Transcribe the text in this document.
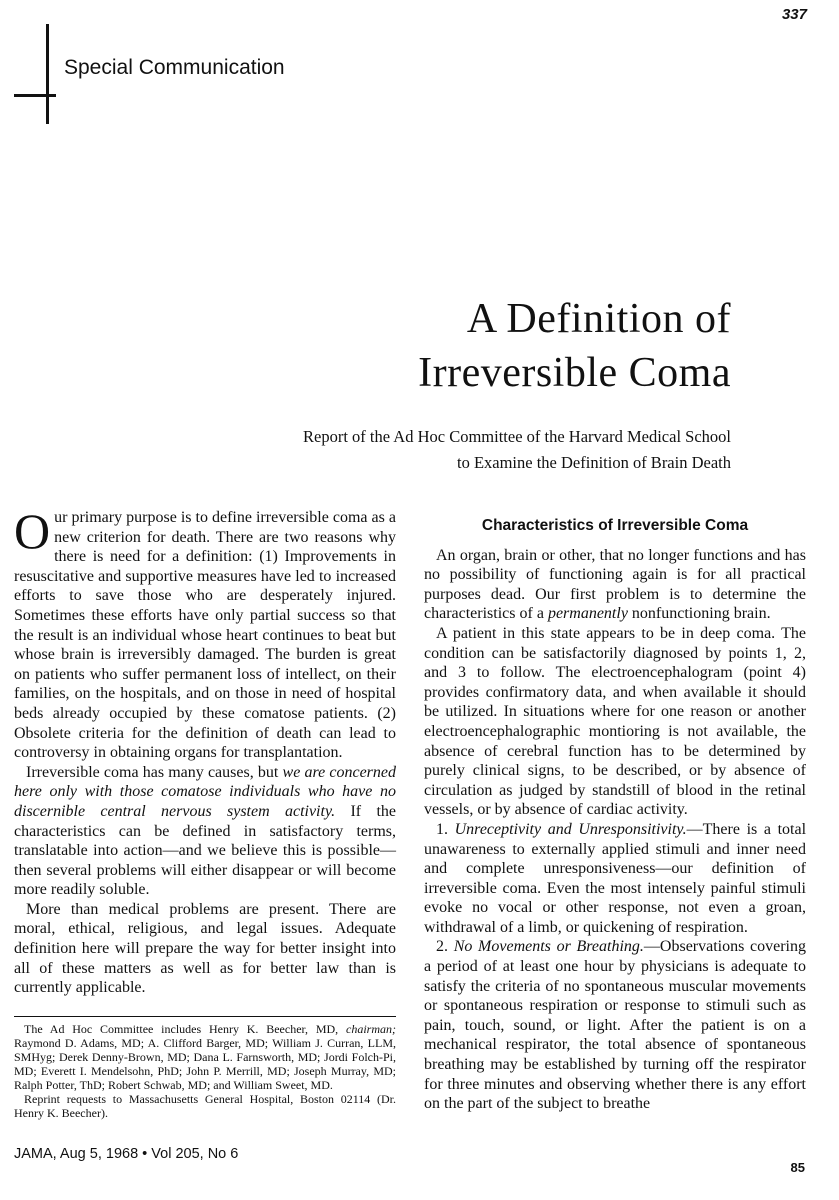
337
Special Communication
A Definition of
Irreversible Coma
Report of the Ad Hoc Committee of the Harvard Medical School
to Examine the Definition of Brain Death

Our primary purpose is to define irreversible coma as a new criterion for death. There are two reasons why there is need for a definition: (1) Improvements in resuscitative and supportive measures have led to increased efforts to save those who are desperately injured. Sometimes these efforts have only partial success so that the result is an individual whose heart continues to beat but whose brain is irreversibly damaged. The burden is great on patients who suffer permanent loss of intellect, on their families, on the hospitals, and on those in need of hospital beds already occupied by these comatose patients. (2) Obsolete criteria for the definition of death can lead to controversy in obtaining organs for transplantation.

Irreversible coma has many causes, but we are concerned here only with those comatose individuals who have no discernible central nervous system activity. If the characteristics can be defined in satisfactory terms, translatable into action—and we believe this is possible—then several problems will either disappear or will become more readily soluble.

More than medical problems are present. There are moral, ethical, religious, and legal issues. Adequate definition here will prepare the way for better insight into all of these matters as well as for better law than is currently applicable.

The Ad Hoc Committee includes Henry K. Beecher, MD, chairman; Raymond D. Adams, MD; A. Clifford Barger, MD; William J. Curran, LLM, SMHyg; Derek Denny-Brown, MD; Dana L. Farnsworth, MD; Jordi Folch-Pi, MD; Everett I. Mendelsohn, PhD; John P. Merrill, MD; Joseph Murray, MD; Ralph Potter, ThD; Robert Schwab, MD; and William Sweet, MD.

Reprint requests to Massachusetts General Hospital, Boston 02114 (Dr. Henry K. Beecher).

Characteristics of Irreversible Coma

An organ, brain or other, that no longer functions and has no possibility of functioning again is for all practical purposes dead. Our first problem is to determine the characteristics of a permanently nonfunctioning brain.

A patient in this state appears to be in deep coma. The condition can be satisfactorily diagnosed by points 1, 2, and 3 to follow. The electroencephalogram (point 4) provides confirmatory data, and when available it should be utilized. In situations where for one reason or another electroencephalographic montioring is not available, the absence of cerebral function has to be determined by purely clinical signs, to be described, or by absence of circulation as judged by standstill of blood in the retinal vessels, or by absence of cardiac activity.

1. Unreceptivity and Unresponsitivity.—There is a total unawareness to externally applied stimuli and inner need and complete unresponsiveness—our definition of irreversible coma. Even the most intensely painful stimuli evoke no vocal or other response, not even a groan, withdrawal of a limb, or quickening of respiration.

2. No Movements or Breathing.—Observations covering a period of at least one hour by physicians is adequate to satisfy the criteria of no spontaneous muscular movements or spontaneous respiration or response to stimuli such as pain, touch, sound, or light. After the patient is on a mechanical respirator, the total absence of spontaneous breathing may be established by turning off the respirator for three minutes and observing whether there is any effort on the part of the subject to breathe

JAMA, Aug 5, 1968 • Vol 205, No 6
85
